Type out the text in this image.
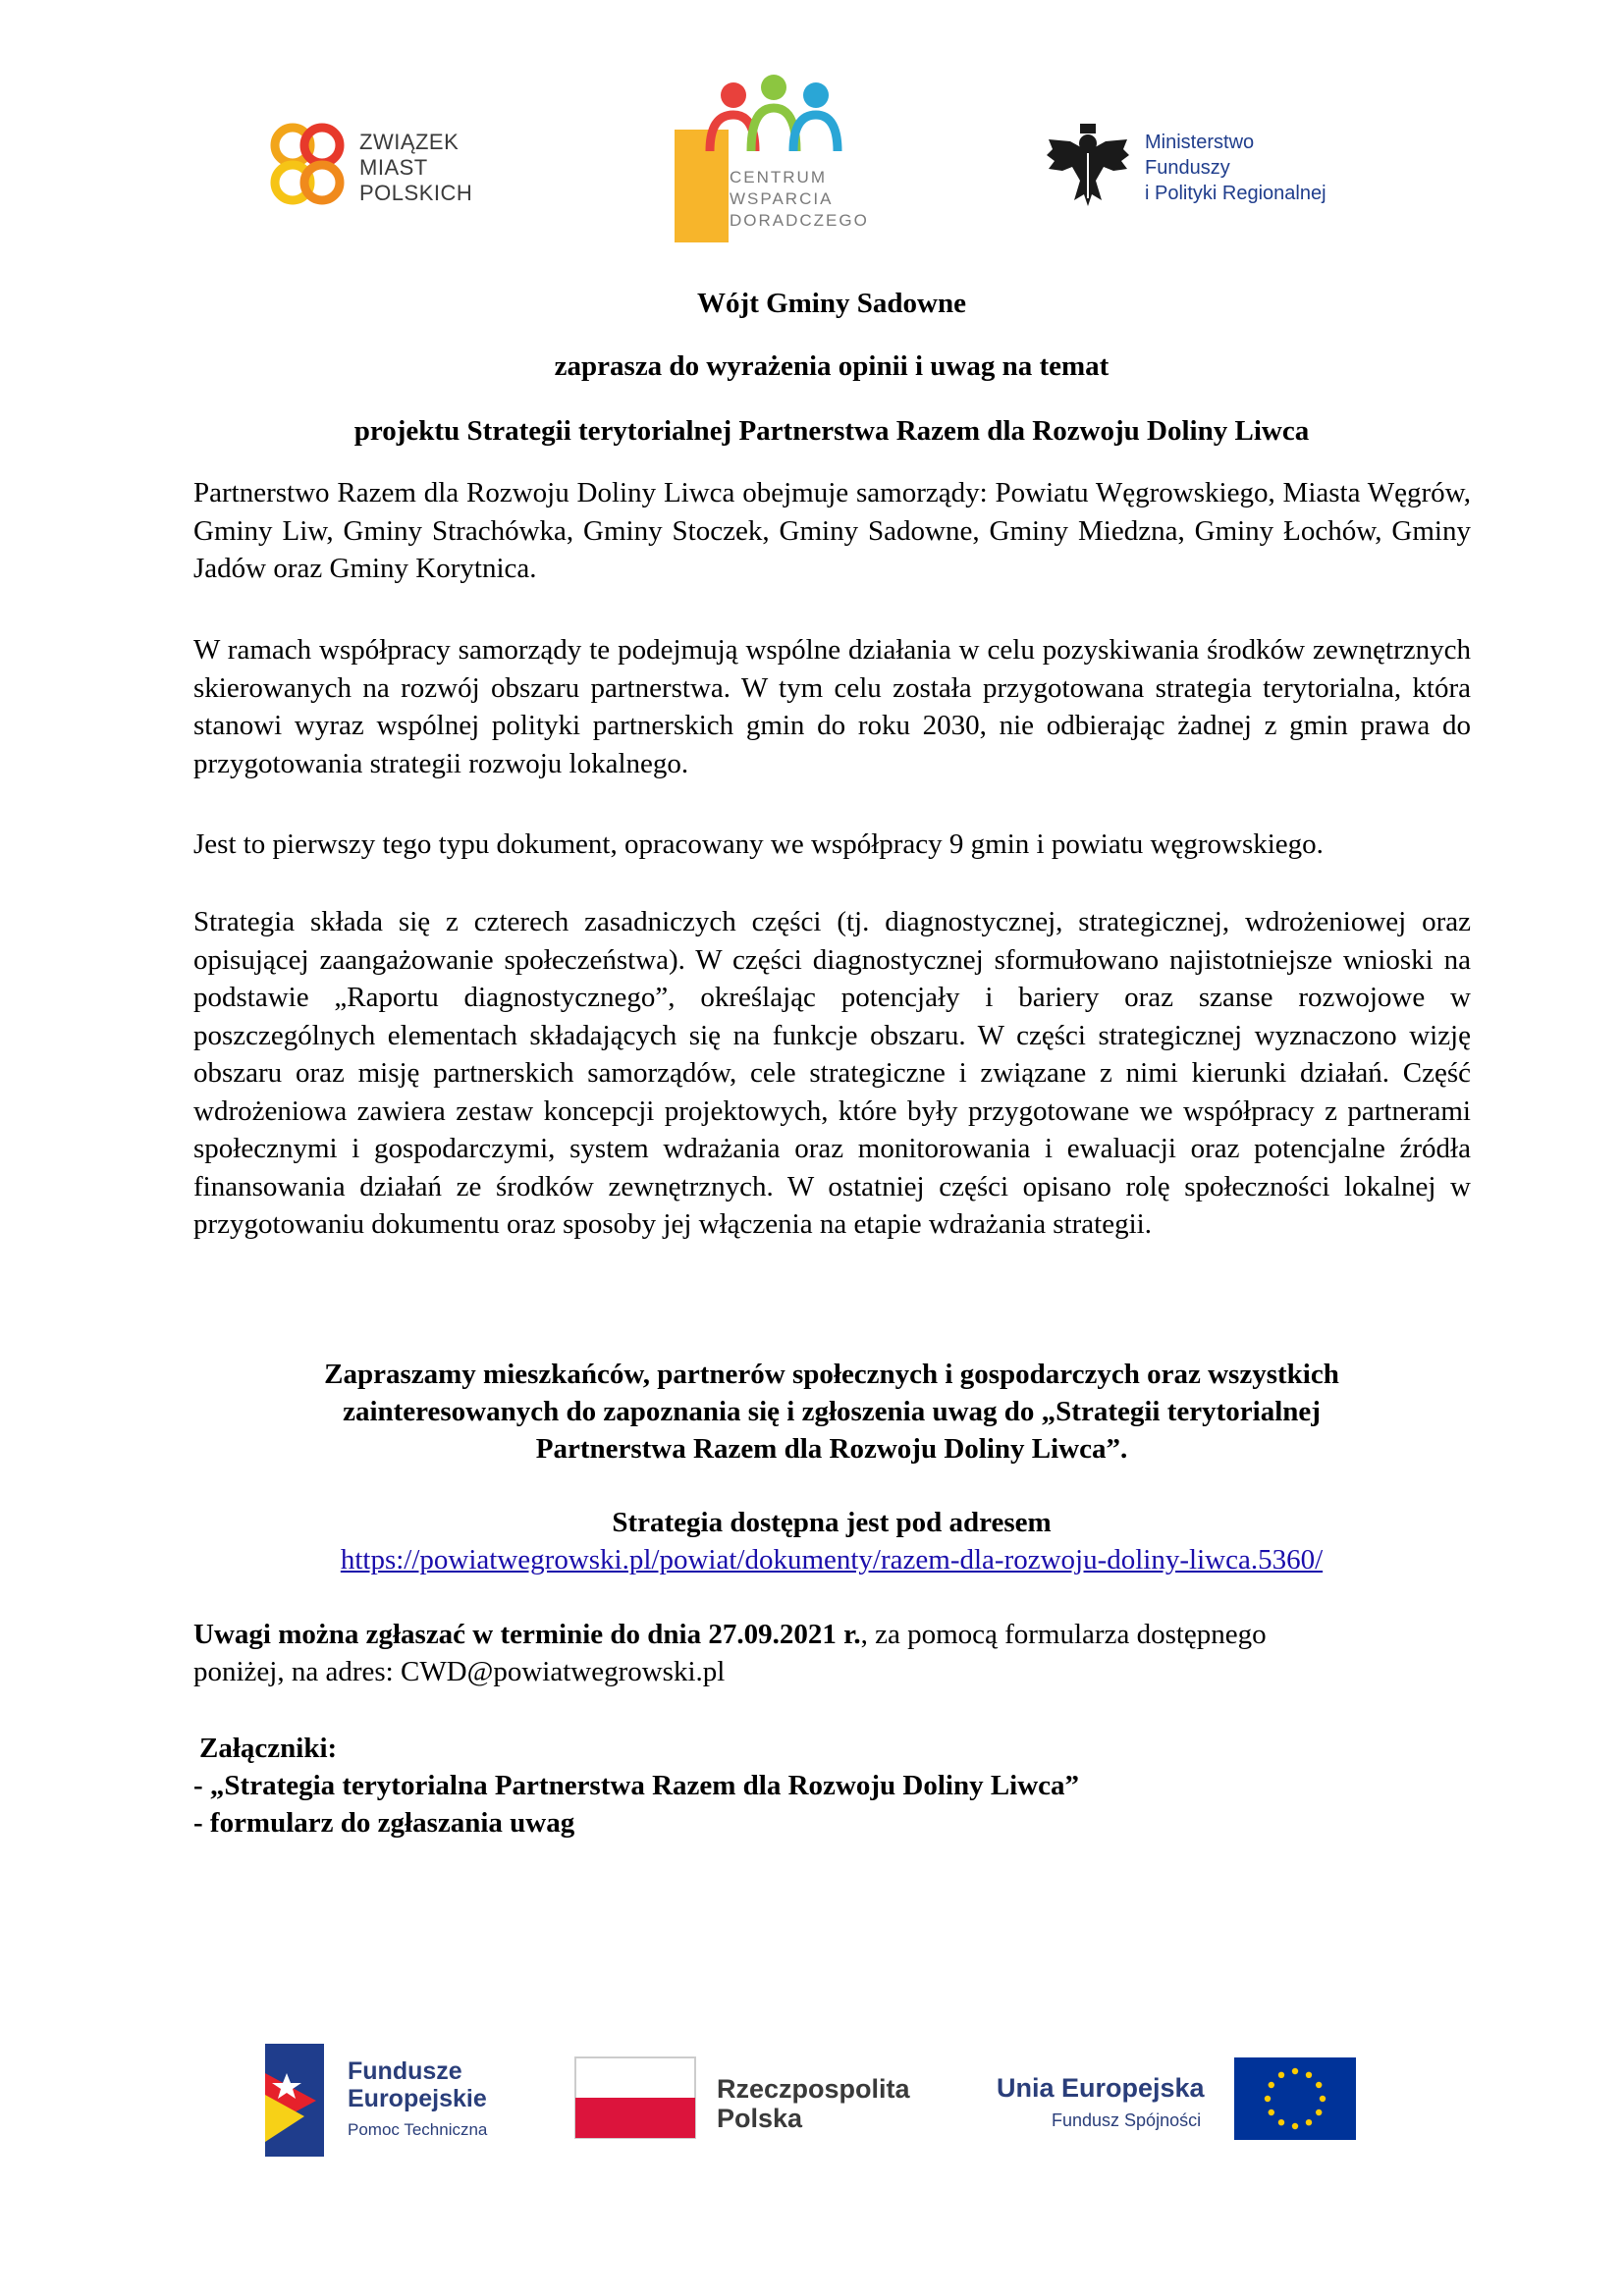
ZWIĄZEK
MIAST
POLSKICH
CENTRUM
WSPARCIA
DORADCZEGO
Ministerstwo
Funduszy
i Polityki Regionalnej
Wójt Gminy Sadowne
zaprasza do wyrażenia opinii i uwag na temat
projektu Strategii terytorialnej Partnerstwa Razem dla Rozwoju Doliny Liwca
Partnerstwo Razem dla Rozwoju Doliny Liwca obejmuje samorządy: Powiatu Węgrowskiego, Miasta Węgrów, Gminy Liw, Gminy Strachówka, Gminy Stoczek, Gminy Sadowne, Gminy Miedzna, Gminy Łochów, Gminy Jadów oraz Gminy Korytnica.
W ramach współpracy samorządy te podejmują wspólne działania w celu pozyskiwania środków zewnętrznych skierowanych na rozwój obszaru partnerstwa. W tym celu została przygotowana strategia terytorialna, która stanowi wyraz wspólnej polityki partnerskich gmin do roku 2030, nie odbierając żadnej z gmin prawa do przygotowania strategii rozwoju lokalnego.
Jest to pierwszy tego typu dokument, opracowany we współpracy 9 gmin i powiatu węgrowskiego.
Strategia składa się z czterech zasadniczych części (tj. diagnostycznej, strategicznej, wdrożeniowej oraz opisującej zaangażowanie społeczeństwa). W części diagnostycznej sformułowano najistotniejsze wnioski na podstawie „Raportu diagnostycznego”, określając potencjały i bariery oraz szanse rozwojowe w poszczególnych elementach składających się na funkcje obszaru. W części strategicznej wyznaczono wizję obszaru oraz misję partnerskich samorządów, cele strategiczne i związane z nimi kierunki działań. Część wdrożeniowa zawiera zestaw koncepcji projektowych, które były przygotowane we współpracy z partnerami społecznymi i gospodarczymi, system wdrażania oraz monitorowania i ewaluacji oraz potencjalne źródła finansowania działań ze środków zewnętrznych. W ostatniej części opisano rolę społeczności lokalnej w przygotowaniu dokumentu oraz sposoby jej włączenia na etapie wdrażania strategii.
Zapraszamy mieszkańców, partnerów społecznych i gospodarczych oraz wszystkich
zainteresowanych do zapoznania się i zgłoszenia uwag do „Strategii terytorialnej
Partnerstwa Razem dla Rozwoju Doliny Liwca”.
Strategia dostępna jest pod adresem
https://powiatwegrowski.pl/powiat/dokumenty/razem-dla-rozwoju-doliny-liwca.5360/
Uwagi można zgłaszać w terminie do dnia 27.09.2021 r., za pomocą formularza dostępnego
poniżej, na adres: CWD@powiatwegrowski.pl
Załączniki:
- „Strategia terytorialna Partnerstwa Razem dla Rozwoju Doliny Liwca”
- formularz do zgłaszania uwag
Fundusze
Europejskie
Pomoc Techniczna
Rzeczpospolita
Polska
Unia Europejska
Fundusz Spójności
